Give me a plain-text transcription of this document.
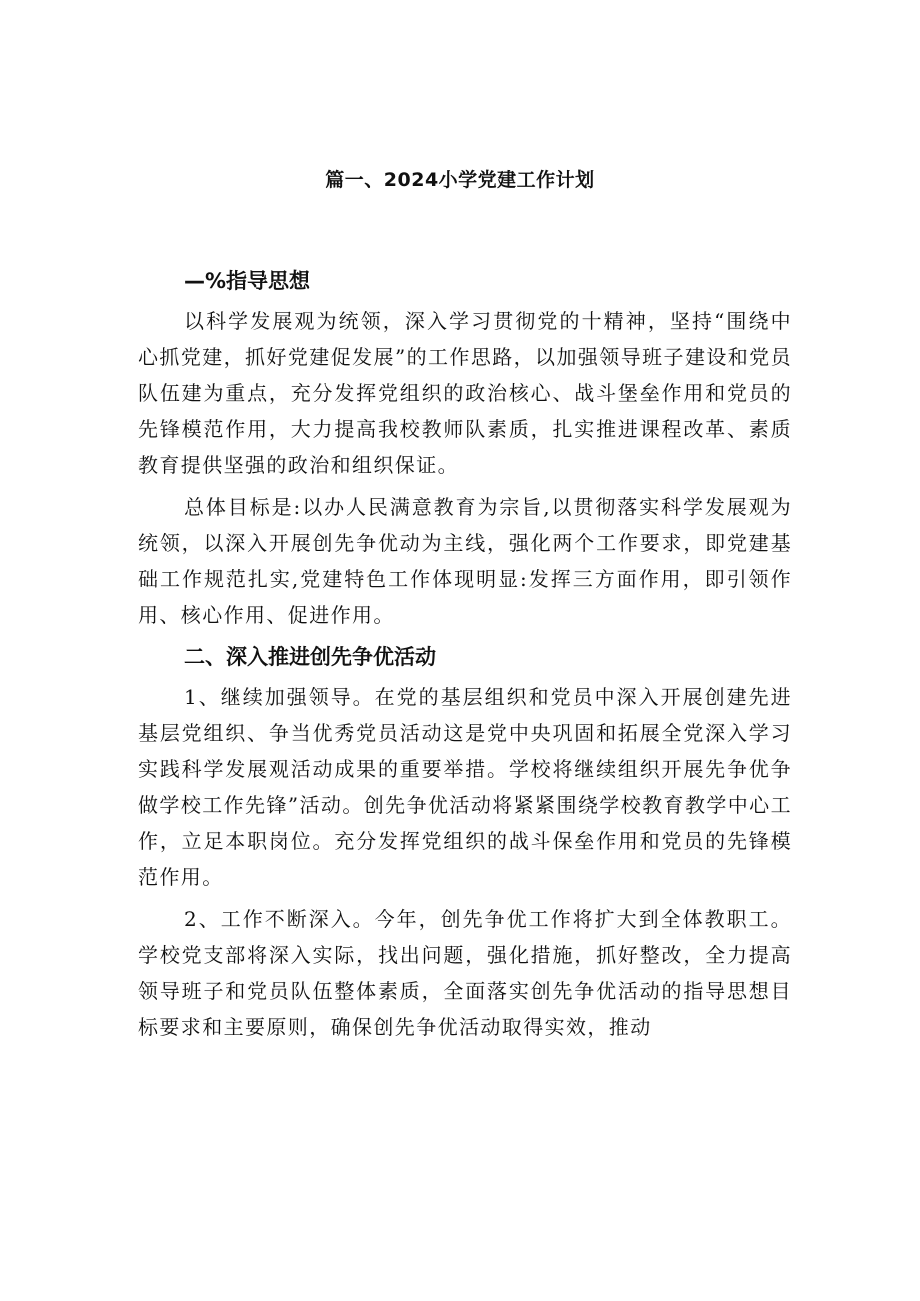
篇一、2024小学党建工作计划
—%指导思想

以科学发展观为统领，深入学习贯彻党的十精神，坚持“围绕中心抓党建，抓好党建促发展”的工作思路，以加强领导班子建设和党员队伍建为重点，充分发挥党组织的政治核心、战斗堡垒作用和党员的先锋模范作用，大力提高我校教师队素质，扎实推进课程改革、素质教育提供坚强的政治和组织保证。

总体目标是:以办人民满意教育为宗旨,以贯彻落实科学发展观为统领，以深入开展创先争优动为主线，强化两个工作要求，即党建基础工作规范扎实,党建特色工作体现明显:发挥三方面作用，即引领作用、核心作用、促进作用。

二、深入推进创先争优活动

1、继续加强领导。在党的基层组织和党员中深入开展创建先进基层党组织、争当优秀党员活动这是党中央巩固和拓展全党深入学习实践科学发展观活动成果的重要举措。学校将继续组织开展先争优争做学校工作先锋”活动。创先争优活动将紧紧围绕学校教育教学中心工作，立足本职岗位。充分发挥党组织的战斗保垒作用和党员的先锋模范作用。

2、工作不断深入。今年，创先争优工作将扩大到全体教职工。学校党支部将深入实际，找出问题，强化措施，抓好整改，全力提高领导班子和党员队伍整体素质，全面落实创先争优活动的指导思想目标要求和主要原则，确保创先争优活动取得实效，推动
